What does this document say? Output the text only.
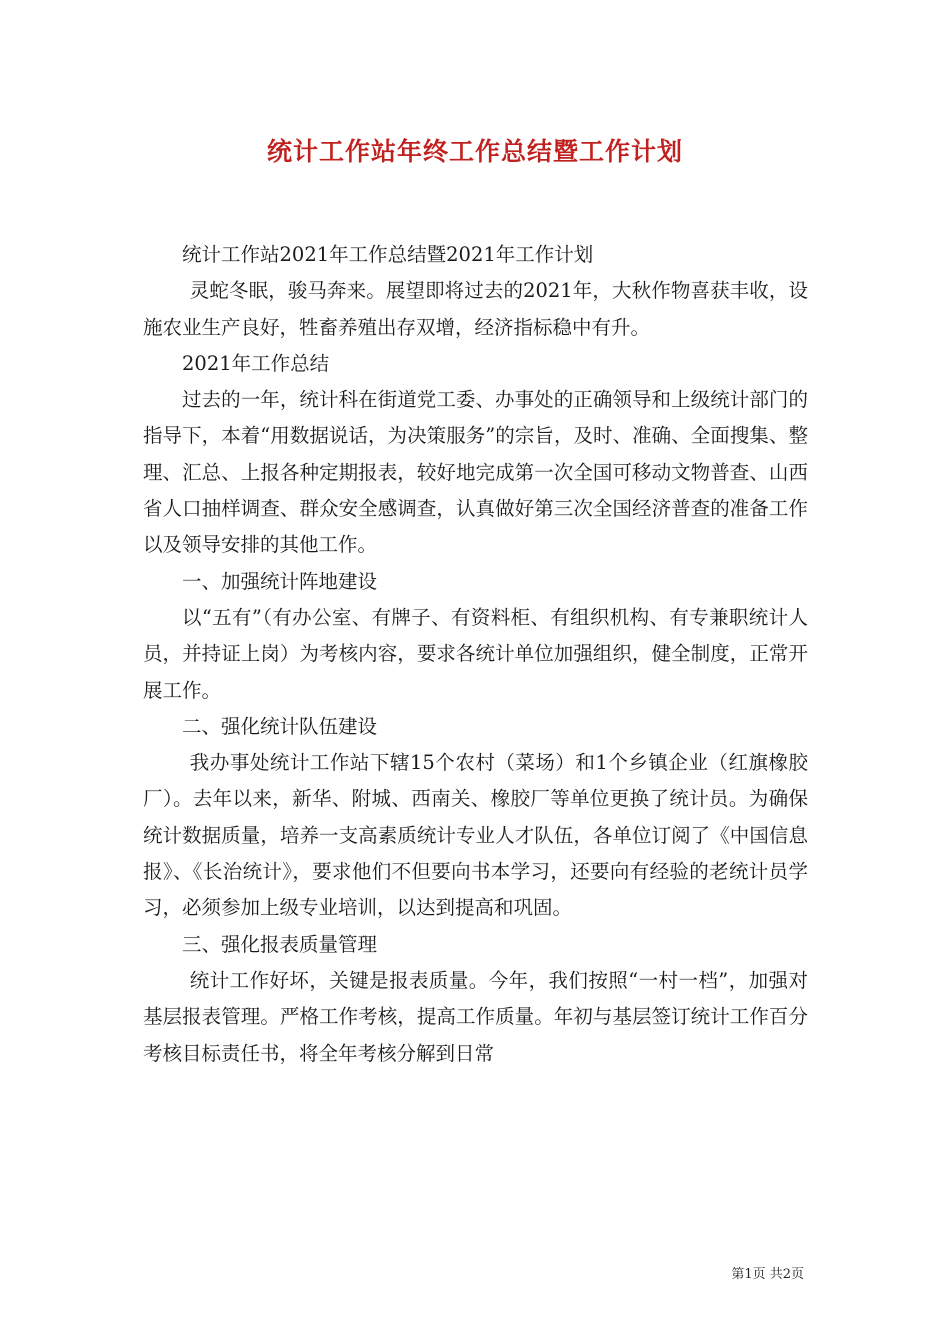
统计工作站年终工作总结暨工作计划

统计工作站2021年工作总结暨2021年工作计划

灵蛇冬眠，骏马奔来。展望即将过去的2021年，大秋作物喜获丰收，设施农业生产良好，牲畜养殖出存双增，经济指标稳中有升。

2021年工作总结

过去的一年，统计科在街道党工委、办事处的正确领导和上级统计部门的指导下，本着“用数据说话，为决策服务”的宗旨，及时、准确、全面搜集、整理、汇总、上报各种定期报表，较好地完成第一次全国可移动文物普查、山西省人口抽样调查、群众安全感调查，认真做好第三次全国经济普查的准备工作以及领导安排的其他工作。

一、加强统计阵地建设

以“五有”（有办公室、有牌子、有资料柜、有组织机构、有专兼职统计人员，并持证上岗）为考核内容，要求各统计单位加强组织，健全制度，正常开展工作。

二、强化统计队伍建设

我办事处统计工作站下辖15个农村（菜场）和1个乡镇企业（红旗橡胶厂）。去年以来，新华、附城、西南关、橡胶厂等单位更换了统计员。为确保统计数据质量，培养一支高素质统计专业人才队伍，各单位订阅了《中国信息报》、《长治统计》，要求他们不但要向书本学习，还要向有经验的老统计员学习，必须参加上级专业培训，以达到提高和巩固。

三、强化报表质量管理

统计工作好坏，关键是报表质量。今年，我们按照“一村一档”，加强对基层报表管理。严格工作考核，提高工作质量。年初与基层签订统计工作百分考核目标责任书，将全年考核分解到日常

第1页 共2页
